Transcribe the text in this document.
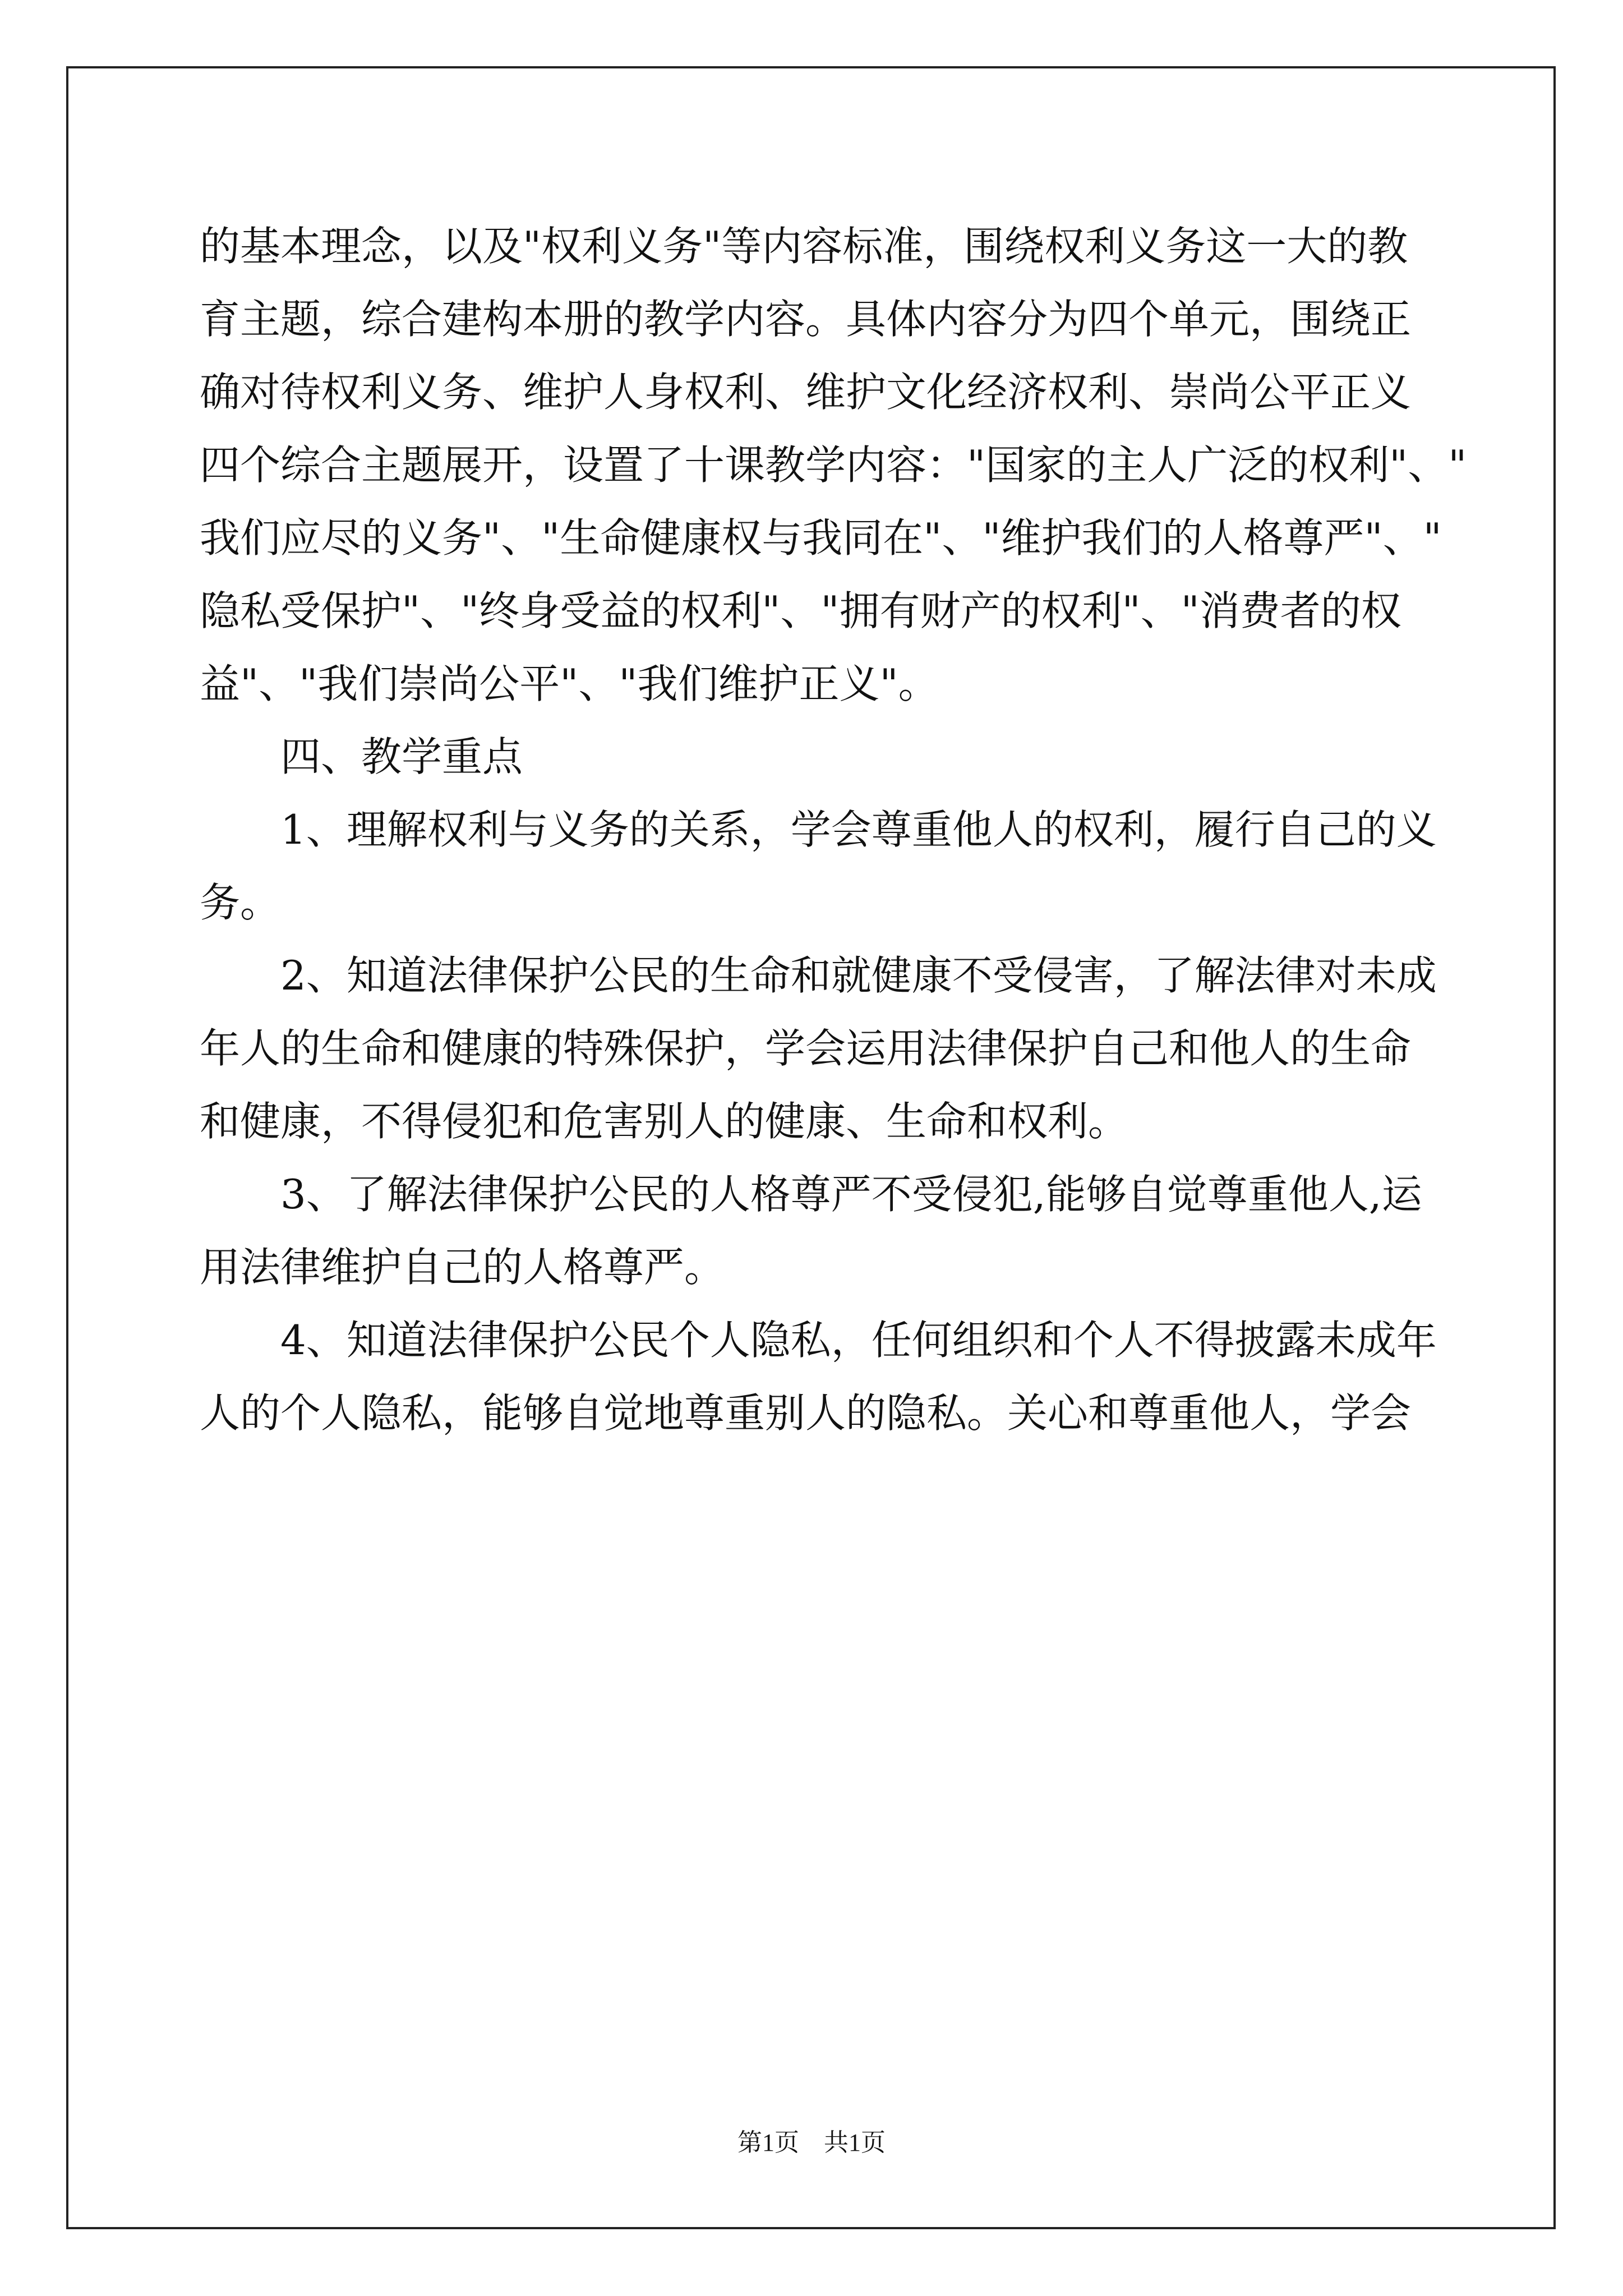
的基本理念，以及"权利义务"等内容标准，围绕权利义务这一大的教
育主题，综合建构本册的教学内容。具体内容分为四个单元，围绕正
确对待权利义务、维护人身权利、维护文化经济权利、崇尚公平正义
四个综合主题展开，设置了十课教学内容："国家的主人广泛的权利"、"
我们应尽的义务"、"生命健康权与我同在"、"维护我们的人格尊严"、"
隐私受保护"、"终身受益的权利"、"拥有财产的权利"、"消费者的权
益"、"我们崇尚公平"、"我们维护正义"。
四、教学重点
1、理解权利与义务的关系，学会尊重他人的权利，履行自己的义
务。
2、知道法律保护公民的生命和就健康不受侵害，了解法律对未成
年人的生命和健康的特殊保护，学会运用法律保护自己和他人的生命
和健康，不得侵犯和危害别人的健康、生命和权利。
3、了解法律保护公民的人格尊严不受侵犯,能够自觉尊重他人,运
用法律维护自己的人格尊严。
4、知道法律保护公民个人隐私，任何组织和个人不得披露未成年
人的个人隐私，能够自觉地尊重别人的隐私。关心和尊重他人，学会
第1页　共1页
